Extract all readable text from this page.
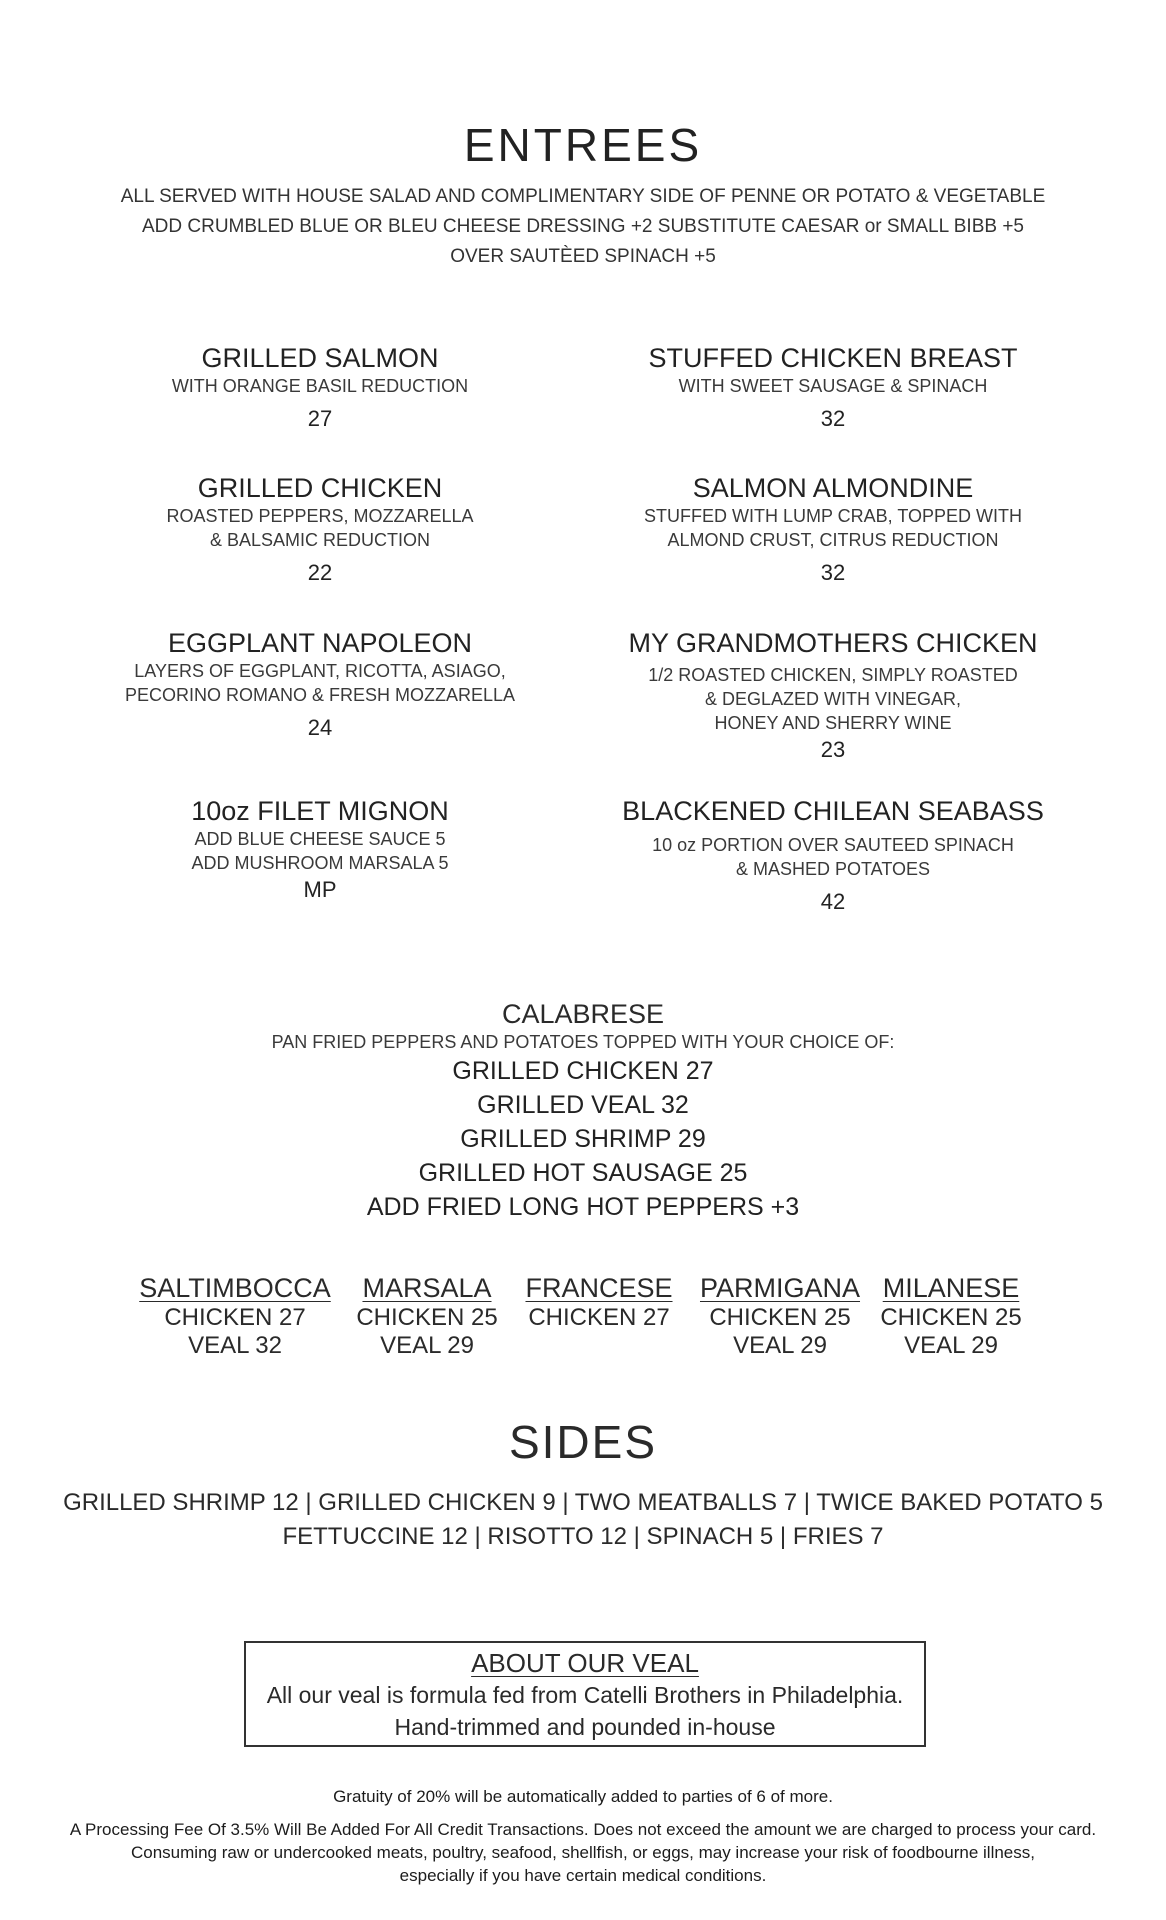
ENTREES
ALL SERVED WITH HOUSE SALAD AND COMPLIMENTARY SIDE OF PENNE OR POTATO & VEGETABLE
ADD CRUMBLED BLUE OR BLEU CHEESE DRESSING +2 SUBSTITUTE CAESAR or SMALL BIBB +5
OVER SAUTÈED SPINACH +5
GRILLED SALMON
WITH ORANGE BASIL REDUCTION
27
STUFFED CHICKEN BREAST
WITH SWEET SAUSAGE & SPINACH
32
GRILLED CHICKEN
ROASTED PEPPERS, MOZZARELLA
& BALSAMIC REDUCTION
22
SALMON ALMONDINE
STUFFED WITH LUMP CRAB, TOPPED WITH
ALMOND CRUST, CITRUS REDUCTION
32
EGGPLANT NAPOLEON
LAYERS OF EGGPLANT, RICOTTA, ASIAGO,
PECORINO ROMANO & FRESH MOZZARELLA
24
MY GRANDMOTHERS CHICKEN
1/2 ROASTED CHICKEN, SIMPLY ROASTED
& DEGLAZED WITH VINEGAR,
HONEY AND SHERRY WINE
23
10oz FILET MIGNON
ADD BLUE CHEESE SAUCE 5
ADD MUSHROOM MARSALA 5
MP
BLACKENED CHILEAN SEABASS
10 oz PORTION OVER SAUTEED SPINACH
& MASHED POTATOES
42
CALABRESE
PAN FRIED PEPPERS AND POTATOES TOPPED WITH YOUR CHOICE OF:
GRILLED CHICKEN 27
GRILLED VEAL 32
GRILLED SHRIMP 29
GRILLED HOT SAUSAGE 25
ADD FRIED LONG HOT PEPPERS +3
SALTIMBOCCA
CHICKEN 27
VEAL 32
MARSALA
CHICKEN 25
VEAL 29
FRANCESE
CHICKEN 27
PARMIGANA
CHICKEN 25
VEAL 29
MILANESE
CHICKEN 25
VEAL 29
SIDES
GRILLED SHRIMP 12 | GRILLED CHICKEN 9 | TWO MEATBALLS 7 | TWICE BAKED POTATO 5
FETTUCCINE 12 | RISOTTO 12 | SPINACH 5 | FRIES 7
ABOUT OUR VEAL
All our veal is formula fed from Catelli Brothers in Philadelphia.
Hand-trimmed and pounded in-house
Gratuity of 20% will be automatically added to parties of 6 of more.
A Processing Fee Of 3.5% Will Be Added For All Credit Transactions. Does not exceed the amount we are charged to process your card.
Consuming raw or undercooked meats, poultry, seafood, shellfish, or eggs, may increase your risk of foodbourne illness,
especially if you have certain medical conditions.
